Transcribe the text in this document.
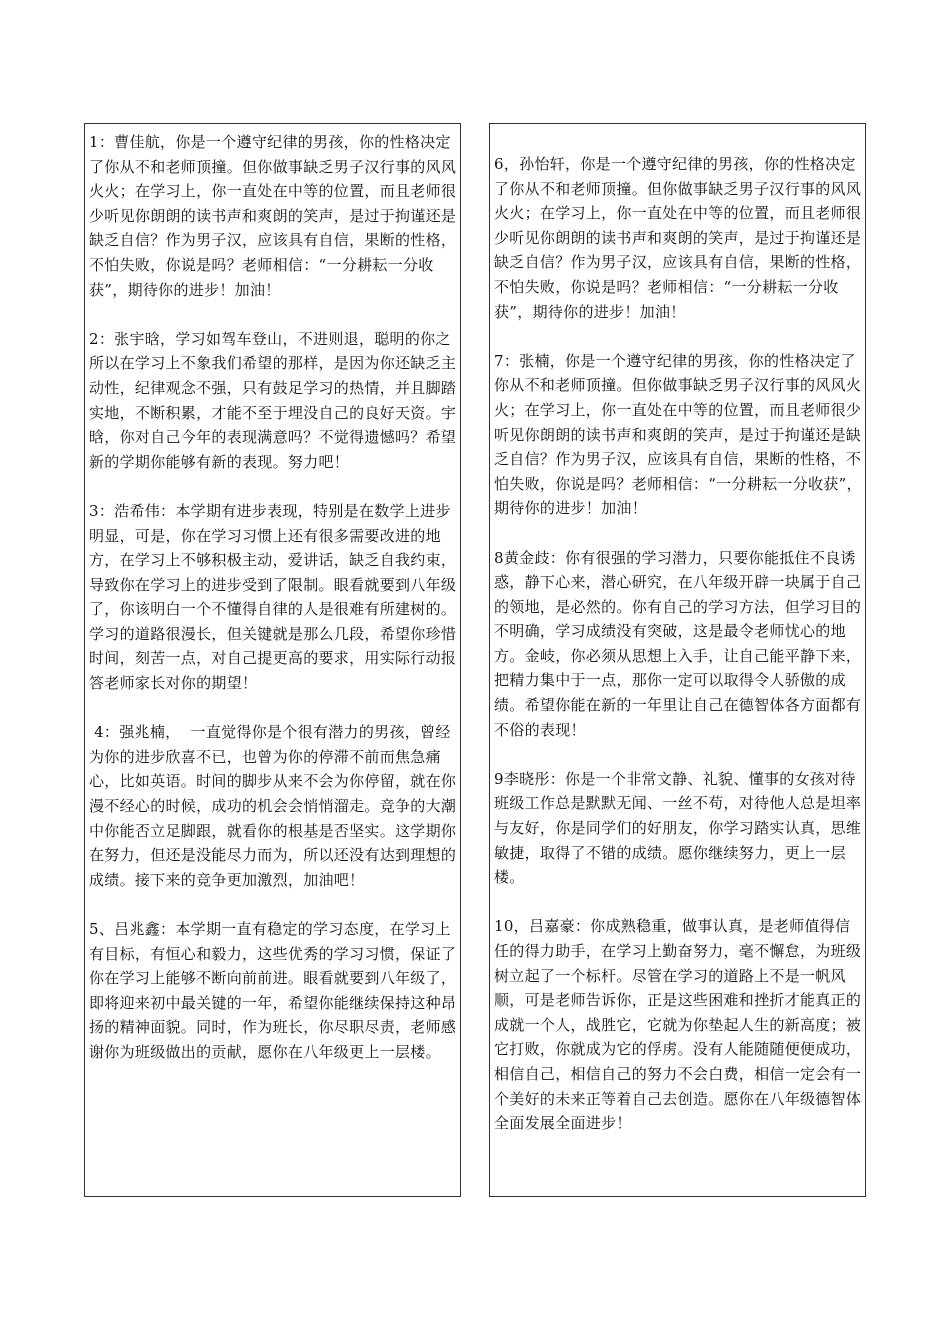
1：曹佳航，你是一个遵守纪律的男孩，你的性格决定了你从不和老师顶撞。但你做事缺乏男子汉行事的风风火火；在学习上，你一直处在中等的位置，而且老师很少听见你朗朗的读书声和爽朗的笑声，是过于拘谨还是缺乏自信？作为男子汉，应该具有自信，果断的性格，不怕失败，你说是吗？老师相信：“一分耕耘一分收获”，期待你的进步！加油！

2：张宇晗，学习如驾车登山，不进则退，聪明的你之所以在学习上不象我们希望的那样，是因为你还缺乏主动性，纪律观念不强，只有鼓足学习的热情，并且脚踏实地，不断积累，才能不至于埋没自己的良好天资。宇晗，你对自己今年的表现满意吗？不觉得遗憾吗？希望新的学期你能够有新的表现。努力吧！

3：浩希伟：本学期有进步表现，特别是在数学上进步明显，可是，你在学习习惯上还有很多需要改进的地方，在学习上不够积极主动，爱讲话，缺乏自我约束，导致你在学习上的进步受到了限制。眼看就要到八年级了，你该明白一个不懂得自律的人是很难有所建树的。学习的道路很漫长，但关键就是那么几段，希望你珍惜时间，刻苦一点，对自己提更高的要求，用实际行动报答老师家长对你的期望！

4：强兆楠，  一直觉得你是个很有潜力的男孩，曾经为你的进步欣喜不已，也曾为你的停滞不前而焦急痛心，比如英语。时间的脚步从来不会为你停留，就在你漫不经心的时候，成功的机会会悄悄溜走。竞争的大潮中你能否立足脚跟，就看你的根基是否坚实。这学期你在努力，但还是没能尽力而为，所以还没有达到理想的成绩。接下来的竞争更加激烈，加油吧！

5、吕兆鑫：本学期一直有稳定的学习态度，在学习上有目标，有恒心和毅力，这些优秀的学习习惯，保证了你在学习上能够不断向前前进。眼看就要到八年级了，即将迎来初中最关键的一年，希望你能继续保持这种昂扬的精神面貌。同时，作为班长，你尽职尽责，老师感谢你为班级做出的贡献，愿你在八年级更上一层楼。

6，孙怡轩，你是一个遵守纪律的男孩，你的性格决定了你从不和老师顶撞。但你做事缺乏男子汉行事的风风火火；在学习上，你一直处在中等的位置，而且老师很少听见你朗朗的读书声和爽朗的笑声，是过于拘谨还是缺乏自信？作为男子汉，应该具有自信，果断的性格，不怕失败，你说是吗？老师相信：“一分耕耘一分收获”，期待你的进步！加油！

7：张楠，你是一个遵守纪律的男孩，你的性格决定了你从不和老师顶撞。但你做事缺乏男子汉行事的风风火火；在学习上，你一直处在中等的位置，而且老师很少听见你朗朗的读书声和爽朗的笑声，是过于拘谨还是缺乏自信？作为男子汉，应该具有自信，果断的性格，不怕失败，你说是吗？老师相信：“一分耕耘一分收获”，期待你的进步！加油！

8黄金歧：你有很强的学习潜力，只要你能抵住不良诱惑，静下心来，潜心研究，在八年级开辟一块属于自己的领地，是必然的。你有自己的学习方法，但学习目的不明确，学习成绩没有突破，这是最令老师忧心的地方。金岐，你必须从思想上入手，让自己能平静下来，把精力集中于一点，那你一定可以取得令人骄傲的成绩。希望你能在新的一年里让自己在德智体各方面都有不俗的表现！

9李晓彤：你是一个非常文静、礼貌、懂事的女孩对待班级工作总是默默无闻、一丝不苟，对待他人总是坦率与友好，你是同学们的好朋友，你学习踏实认真，思维敏捷，取得了不错的成绩。愿你继续努力，更上一层楼。

10，吕嘉豪：你成熟稳重，做事认真，是老师值得信任的得力助手，在学习上勤奋努力，毫不懈怠，为班级树立起了一个标杆。尽管在学习的道路上不是一帆风顺，可是老师告诉你，正是这些困难和挫折才能真正的成就一个人，战胜它，它就为你垫起人生的新高度；被它打败，你就成为它的俘虏。没有人能随随便便成功，相信自己，相信自己的努力不会白费，相信一定会有一个美好的未来正等着自己去创造。愿你在八年级德智体全面发展全面进步！
